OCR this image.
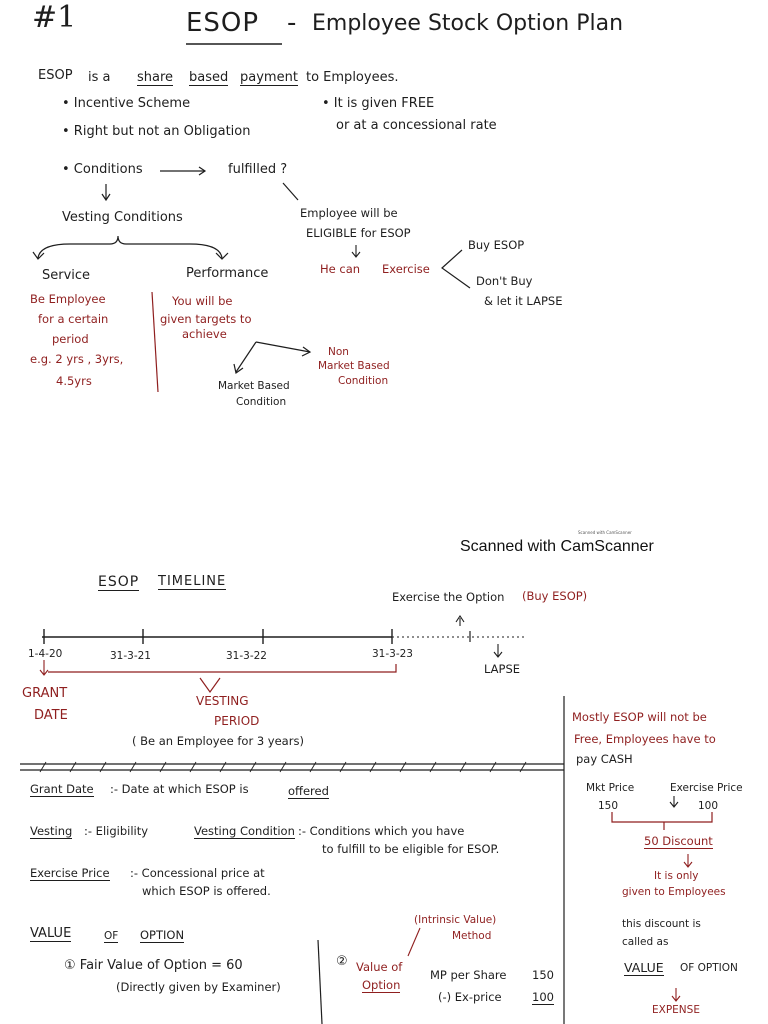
#1	ESOP - Employee Stock Option Plan
ESOP is a share based payment to Employees.
• Incentive Scheme
• Right but not an Obligation
• It is given FREE
or at a concessional rate
• Conditions	fulfilled ?
Vesting Conditions
Service	Performance
Be Employee
for a certain
period
e.g. 2 yrs , 3yrs,
4.5yrs
You will be
given targets to
achieve
Market Based
Condition
Non
Market Based
Condition
Employee will be
ELIGIBLE for ESOP
He can Exercise
Buy ESOP
Don't Buy
& let it LAPSE
Scanned with CamScanner
Scanned with CamScanner
ESOP TIMELINE
Exercise the Option (Buy ESOP)
1-4-20	31-3-21	31-3-22	31-3-23
LAPSE
GRANT
DATE
VESTING
PERIOD
( Be an Employee for 3 years)
Grant Date :- Date at which ESOP is	offered
Vesting :- Eligibility	Vesting Condition :- Conditions which you have
to fulfill to be eligible for ESOP.
Exercise Price :- Concessional price at
which ESOP is offered.
VALUE	OF OPTION
① Fair Value of Option = 60
(Directly given by Examiner)
(Intrinsic Value)
Method
② Value of
Option
MP per Share 150
(-) Ex-price	100
Mostly ESOP will not be
Free, Employees have to
pay CASH
Mkt Price	Exercise Price
150	100
50 Discount
It is only
given to Employees
this discount is
called as
VALUE OF OPTION
EXPENSE
